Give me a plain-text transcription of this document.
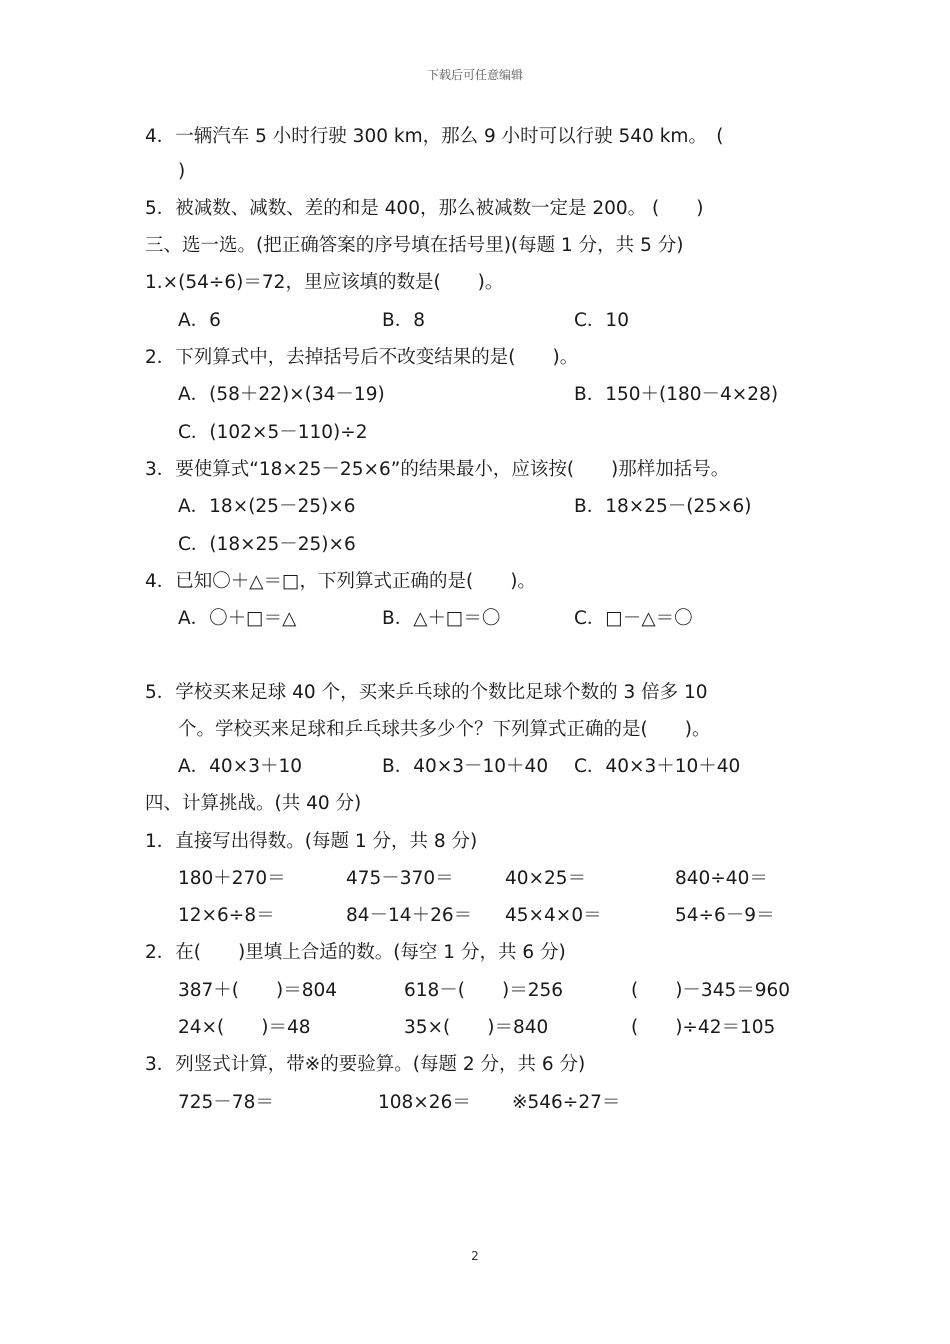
下载后可任意编辑
4．一辆汽车 5 小时行驶 300 km，那么 9 小时可以行驶 540 km。　(
)
5．被减数、减数、差的和是 400，那么被减数一定是 200。 (　　)
三、选一选。(把正确答案的序号填在括号里)(每题 1 分，共 5 分)
1.×(54÷6)＝72，里应该填的数是(　　)。
A．6	B．8	C．10
2．下列算式中，去掉括号后不改变结果的是(　　)。
A．(58＋22)×(34－19)	B．150＋(180－4×28)
C．(102×5－110)÷2
3．要使算式“18×25－25×6”的结果最小，应该按(　　)那样加括号。
A．18×(25－25)×6	B．18×25－(25×6)
C．(18×25－25)×6
4．已知〇＋△＝□，下列算式正确的是(　　)。
A．〇＋□＝△	B．△＋□＝〇	C．□－△＝〇
5．学校买来足球 40 个，买来乒乓球的个数比足球个数的 3 倍多 10
个。学校买来足球和乒乓球共多少个？下列算式正确的是(　　)。
A．40×3＋10	B．40×3－10＋40 C．40×3＋10＋40
四、计算挑战。(共 40 分)
1．直接写出得数。(每题 1 分，共 8 分)
180＋270＝	475－370＝	40×25＝	840÷40＝
12×6÷8＝	84－14＋26＝ 45×4×0＝	54÷6－9＝
2．在(　　)里填上合适的数。(每空 1 分，共 6 分)
387＋(　　)＝804	618－(　　)＝256	(　　)－345＝960
24×(　　)＝48	35×(　　)＝840	(　　)÷42＝105
3．列竖式计算，带※的要验算。(每题 2 分，共 6 分)
725－78＝	108×26＝ ※546÷27＝
2
